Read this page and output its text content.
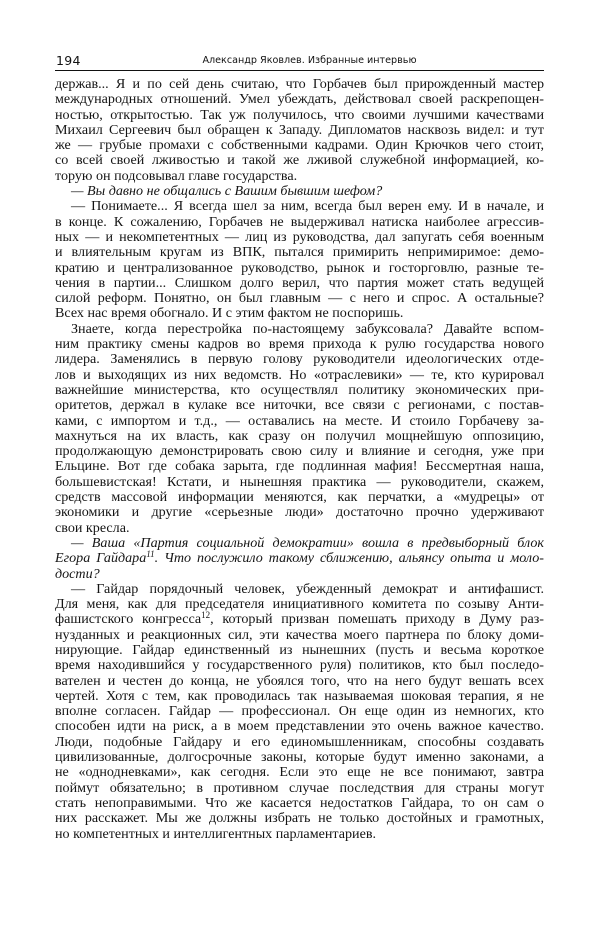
194	Александр Яковлев. Избранные интервью
держав... Я и по сей день считаю, что Горбачев был прирожденный мастер
международных отношений. Умел убеждать, действовал своей раскрепощен-
ностью, открытостью. Так уж получилось, что своими лучшими качествами
Михаил Сергеевич был обращен к Западу. Дипломатов насквозь видел: и тут
же — грубые промахи с собственными кадрами. Один Крючков чего стоит,
со всей своей лживостью и такой же лживой служебной информацией, ко-
торую он подсовывал главе государства.
— Вы давно не общались с Вашим бывшим шефом?
— Понимаете... Я всегда шел за ним, всегда был верен ему. И в начале, и
в конце. К сожалению, Горбачев не выдерживал натиска наиболее агрессив-
ных — и некомпетентных — лиц из руководства, дал запугать себя военным
и влиятельным кругам из ВПК, пытался примирить непримиримое: демо-
кратию и централизованное руководство, рынок и госторговлю, разные те-
чения в партии... Слишком долго верил, что партия может стать ведущей
силой реформ. Понятно, он был главным — с него и спрос. А остальные?
Всех нас время обогнало. И с этим фактом не поспоришь.
Знаете, когда перестройка по-настоящему забуксовала? Давайте вспом-
ним практику смены кадров во время прихода к рулю государства нового
лидера. Заменялись в первую голову руководители идеологических отде-
лов и выходящих из них ведомств. Но «отраслевики» — те, кто курировал
важнейшие министерства, кто осуществлял политику экономических при-
оритетов, держал в кулаке все ниточки, все связи с регионами, с постав-
ками, с импортом и т.д., — оставались на месте. И стоило Горбачеву за-
махнуться на их власть, как сразу он получил мощнейшую оппозицию,
продолжающую демонстрировать свою силу и влияние и сегодня, уже при
Ельцине. Вот где собака зарыта, где подлинная мафия! Бессмертная наша,
большевистская! Кстати, и нынешняя практика — руководители, скажем,
средств массовой информации меняются, как перчатки, а «мудрецы» от
экономики и другие «серьезные люди» достаточно прочно удерживают
свои кресла.
— Ваша «Партия социальной демократии» вошла в предвыборный блок
Егора Гайдара$^{11}$. Что послужило такому сближению, альянсу опыта и моло-
дости?
— Гайдар порядочный человек, убежденный демократ и антифашист.
Для меня, как для председателя инициативного комитета по созыву Анти-
фашистского конгресса$^{12}$, который призван помешать приходу в Думу раз-
нузданных и реакционных сил, эти качества моего партнера по блоку доми-
нирующие. Гайдар единственный из нынешних (пусть и весьма короткое
время находившийся у государственного руля) политиков, кто был последо-
вателен и честен до конца, не убоялся того, что на него будут вешать всех
чертей. Хотя с тем, как проводилась так называемая шоковая терапия, я не
вполне согласен. Гайдар — профессионал. Он еще один из немногих, кто
способен идти на риск, а в моем представлении это очень важное качество.
Люди, подобные Гайдару и его единомышленникам, способны создавать
цивилизованные, долгосрочные законы, которые будут именно законами, а
не «однодневками», как сегодня. Если это еще не все понимают, завтра
поймут обязательно; в противном случае последствия для страны могут
стать непоправимыми. Что же касается недостатков Гайдара, то он сам о
них расскажет. Мы же должны избрать не только достойных и грамотных,
но компетентных и интеллигентных парламентариев.
